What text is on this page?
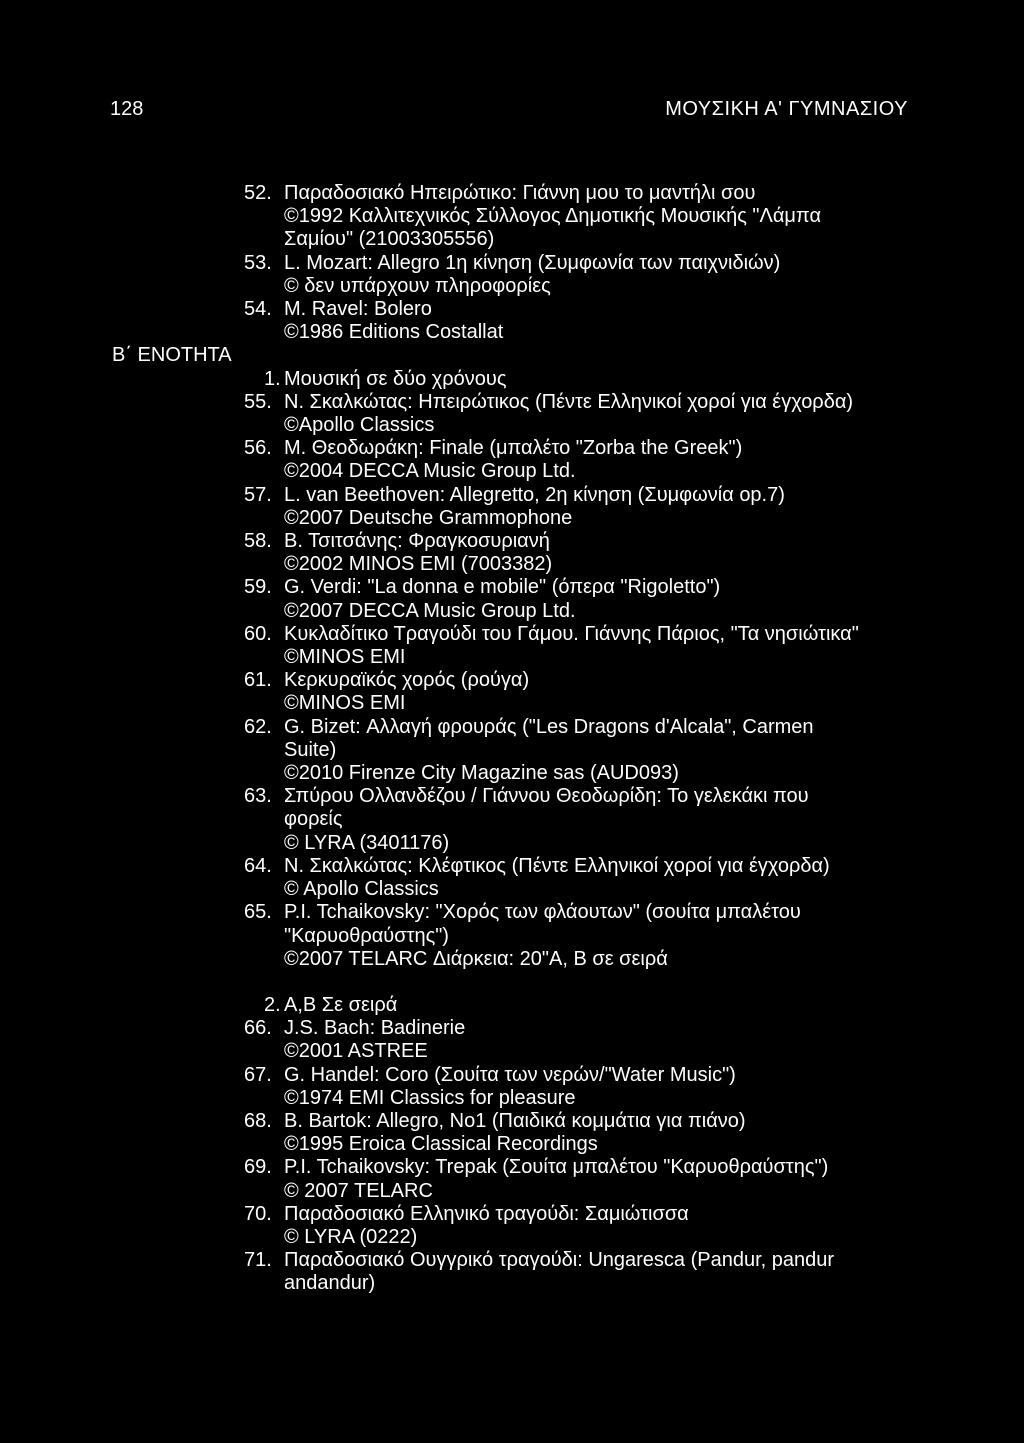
128	ΜΟΥΣΙΚΗ Α' ΓΥΜΝΑΣΙΟΥ
52. Παραδοσιακό Ηπειρώτικο: Γιάννη μου το μαντήλι σου
©1992 Καλλιτεχνικός Σύλλογος Δημοτικής Μουσικής "Λάμπα
Σαμίου" (21003305556)
53. L. Mozart: Allegro 1η κίνηση (Συμφωνία των παιχνιδιών)
© δεν υπάρχουν πληροφορίες
54. M. Ravel: Bolero
©1986 Editions Costallat
Β΄ ΕΝΟΤΗΤΑ
1. Μουσική σε δύο χρόνους
55. Ν. Σκαλκώτας: Ηπειρώτικος (Πέντε Ελληνικοί χοροί για έγχορδα)
©Apollo Classics
56. Μ. Θεοδωράκη: Finale (μπαλέτο "Zorba the Greek")
©2004 DECCA Music Group Ltd.
57. L. van Beethoven: Allegretto, 2η κίνηση (Συμφωνία op.7)
©2007 Deutsche Grammophone
58. Β. Τσιτσάνης: Φραγκοσυριανή
©2002 MINOS EMI (7003382)
59. G. Verdi: "La donna e mobile" (όπερα "Rigoletto")
©2007 DECCA Music Group Ltd.
60. Κυκλαδίτικο Τραγούδι του Γάμου. Γιάννης Πάριος, "Τα νησιώτικα"
©MINOS EMI
61. Κερκυραϊκός χορός (ρούγα)
©MINOS EMI
62. G. Bizet: Αλλαγή φρουράς ("Les Dragons d'Alcala", Carmen
Suite)
©2010 Firenze City Magazine sas (AUD093)
63. Σπύρου Ολλανδέζου / Γιάννου Θεοδωρίδη: Το γελεκάκι που
φορείς
© LYRA (3401176)
64. Ν. Σκαλκώτας: Κλέφτικος (Πέντε Ελληνικοί χοροί για έγχορδα)
© Apollo Classics
65. P.I. Tchaikovsky: "Χορός των φλάουτων" (σουίτα μπαλέτου
"Καρυοθραύστης")
©2007 TELARC Διάρκεια: 20"Α, Β σε σειρά
2. Α,Β Σε σειρά
66. J.S. Bach: Badinerie
©2001 ASTREE
67. G. Handel: Coro (Σουίτα των νερών/"Water Music")
©1974 EMI Classics for pleasure
68. B. Bartok: Allegro, No1 (Παιδικά κομμάτια για πιάνο)
©1995 Eroica Classical Recordings
69. P.I. Tchaikovsky: Trepak (Σουίτα μπαλέτου "Καρυοθραύστης")
© 2007 TELARC
70. Παραδοσιακό Ελληνικό τραγούδι: Σαμιώτισσα
© LYRA (0222)
71. Παραδοσιακό Ουγγρικό τραγούδι: Ungaresca (Pandur, pandur
andandur)
